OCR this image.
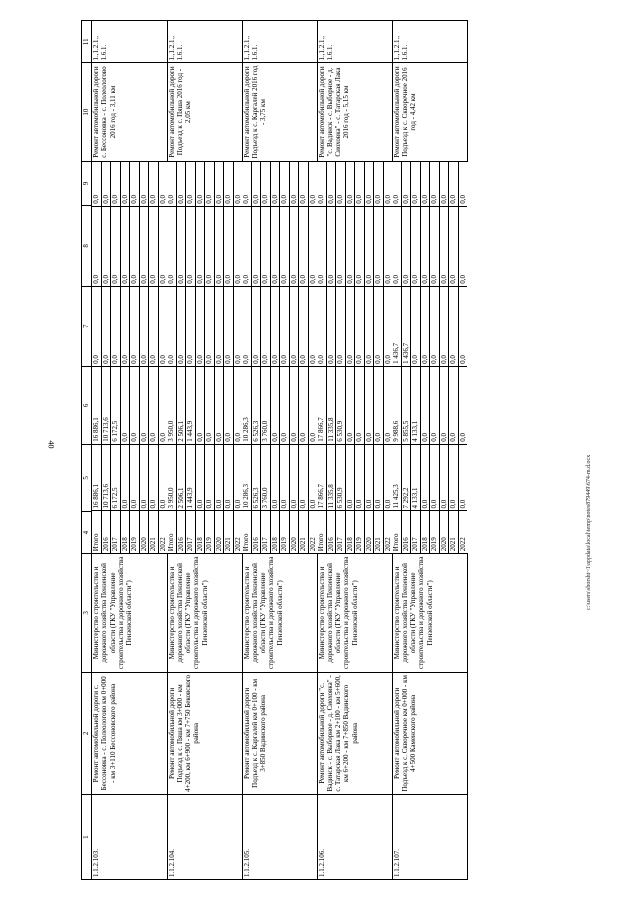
40
c:\users\sborshi~1\appdata\local\temp\notes879449\674-m.d.ocx
1	2	3	4	5	6	7	8	9	10	11
1.1.2.103.	Ремонт автомобильной дороги с. Бессоновка - с. Полеологово км 0+000 - км 3+110 Бессоновского района	Министерство строительства и дорожного хозяйства Пензенской области (ГКУ "Управление строительства и дорожного хозяйства Пензенской области")	
Итого	16 886,1	16 886,1	0,0	0,0	0,0
2016	10 713,6	10 713,6	0,0	0,0	0,0
2017	6 172,5	6 172,5	0,0	0,0	0,0
2018	0,0	0,0	0,0	0,0	0,0
2019	0,0	0,0	0,0	0,0	0,0
2020	0,0	0,0	0,0	0,0	0,0
2021	0,0	0,0	0,0	0,0	0,0
2022	0,0	0,0	0,0	0,0	0,0
	Ремонт автомобильной дороги с. Бессоновка - с. Полеологово 2016 год - 3,11 км	1.,1.2.1., 1.6.1.
1.1.2.104.	Ремонт автомобильной дороги Подъезд к с. Пяша км 3+000 - км 4+200, км 6+900 - км 7+750 Бековского района	Министерство строительства и дорожного хозяйства Пензенской области (ГКУ "Управление строительства и дорожного хозяйства Пензенской области")	
Итого	3 950,0	3 950,0	0,0	0,0	0,0
2016	2 506,1	2 506,1	0,0	0,0	0,0
2017	1 443,9	1 443,9	0,0	0,0	0,0
2018	0,0	0,0	0,0	0,0	0,0
2019	0,0	0,0	0,0	0,0	0,0
2020	0,0	0,0	0,0	0,0	0,0
2021	0,0	0,0	0,0	0,0	0,0
2022	0,0	0,0	0,0	0,0	0,0
	Ремонт автомобильной дороги Подъезд к с. Пяша 2016 год - 2,05 км	1.,1.2.1., 1.6.1.
1.1.2.105.	Ремонт автомобильной дороги Подъезд к с. Каргалей км 0+100 - км 3+850 Вадинского района	Министерство строительства и дорожного хозяйства Пензенской области (ГКУ "Управление строительства и дорожного хозяйства Пензенской области")	
Итого	10 286,3	10 286,3	0,0	0,0	0,0
2016	6 526,3	6 526,3	0,0	0,0	0,0
2017	3 760,0	3 760,0	0,0	0,0	0,0
2018	0,0	0,0	0,0	0,0	0,0
2019	0,0	0,0	0,0	0,0	0,0
2020	0,0	0,0	0,0	0,0	0,0
2021	0,0	0,0	0,0	0,0	0,0
2022	0,0	0,0	0,0	0,0	0,0
	Ремонт автомобильной дороги Подъезд к с. Каргалей 2016 год - 3,75 км	1.,1.2.1., 1.6.1.
1.1.2.106.	Ремонт автомобильной дороги "с. Вадинск - с. Выборное - д. Сиоховка" - с. Татарская Лака км 2+100 - км 5+600, км 6+200 - км 7+850 Вадинского района	Министерство строительства и дорожного хозяйства Пензенской области (ГКУ "Управление строительства и дорожного хозяйства Пензенской области")	
Итого	17 866,7	17 866,7	0,0	0,0	0,0
2016	11 335,8	11 335,8	0,0	0,0	0,0
2017	6 530,9	6 530,9	0,0	0,0	0,0
2018	0,0	0,0	0,0	0,0	0,0
2019	0,0	0,0	0,0	0,0	0,0
2020	0,0	0,0	0,0	0,0	0,0
2021	0,0	0,0	0,0	0,0	0,0
2022	0,0	0,0	0,0	0,0	0,0
	Ремонт автомобильной дороги "с. Вадинск - с. Выборное - д. Сиоховка" - с. Татарская Лака 2016 год - 5,15 км	1.,1.2.1., 1.6.1.
1.1.2.107.	Ремонт автомобильной дороги Подъезд к с. Скворечное км 0+000 - км 4+500 Каменского района	Министерство строительства и дорожного хозяйства Пензенской области (ГКУ "Управление строительства и дорожного хозяйства Пензенской области")	
Итого	11 425,3	9 988,6	1 436,7	0,0	0,0
2016	7 292,2	5 855,5	1 436,7	0,0	0,0
2017	4 133,1	4 133,1	0,0	0,0	0,0
2018	0,0	0,0	0,0	0,0	0,0
2019	0,0	0,0	0,0	0,0	0,0
2020	0,0	0,0	0,0	0,0	0,0
2021	0,0	0,0	0,0	0,0	0,0
2022	0,0	0,0	0,0	0,0	0,0
	Ремонт автомобильной дороги Подъезд к с. Скворечное 2016 год - 4,42 км	1.,1.2.1., 1.6.1.
